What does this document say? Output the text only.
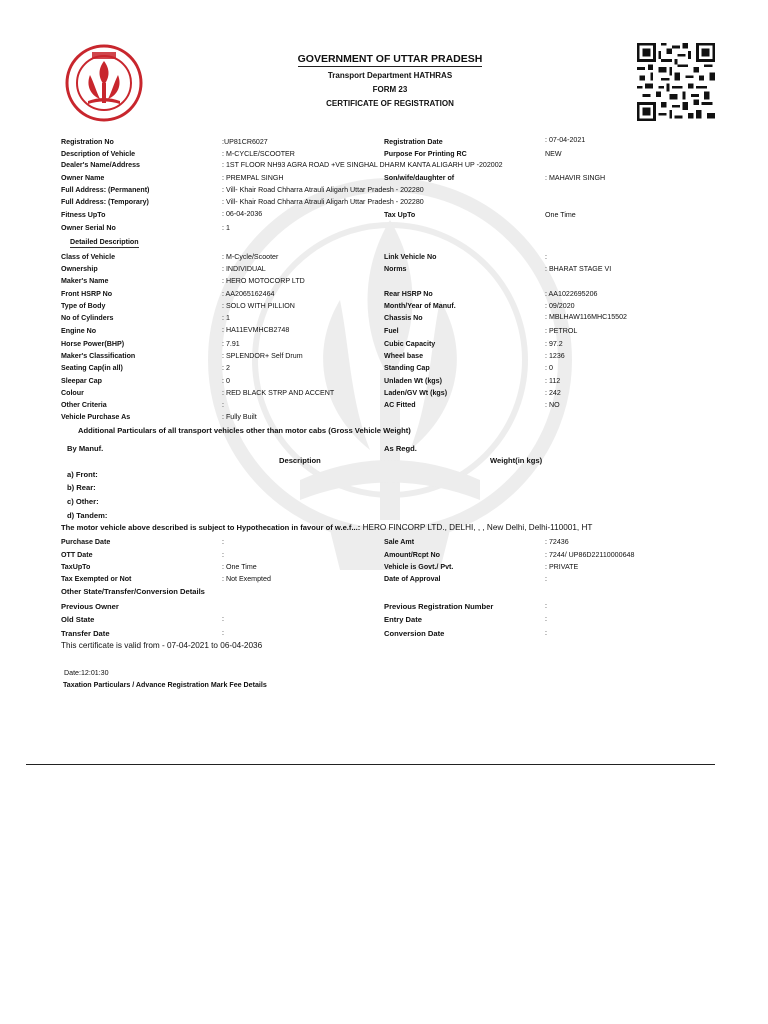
GOVERNMENT OF UTTAR PRADESH
Transport Department HATHRAS
FORM 23
CERTIFICATE OF REGISTRATION
Registration No	:UP81CR6027	Registration Date	: 07-04-2021
Description of Vehicle	: M-CYCLE/SCOOTER	Purpose For Printing RC	NEW
Dealer's Name/Address	: 1ST FLOOR NH93 AGRA ROAD +VE SINGHAL DHARM KANTA ALIGARH UP -202002
Owner Name	: PREMPAL SINGH	Son/wife/daughter of	: MAHAVIR SINGH
Full Address: (Permanent)	: Vill- Khair Road Chharra Atrauli Aligarh Uttar Pradesh - 202280
Full Address: (Temporary)	: Vill- Khair Road Chharra Atrauli Aligarh Uttar Pradesh - 202280
Fitness UpTo	: 06-04-2036	Tax UpTo	One Time
Owner Serial No	: 1
Detailed Description
Class of Vehicle	: M-Cycle/Scooter	Link Vehicle No	:
Ownership	: INDIVIDUAL	Norms	: BHARAT STAGE VI
Maker's Name	: HERO MOTOCORP LTD
Front HSRP No	: AA2065162464	Rear HSRP No	: AA1022695206
Type of Body	: SOLO WITH PILLION	Month/Year of Manuf.	: 09/2020
No of Cylinders	: 1	Chassis No	: MBLHAW116MHC15502
Engine No	: HA11EVMHCB2748	Fuel	: PETROL
Horse Power(BHP)	: 7.91	Cubic Capacity	: 97.2
Maker's Classification	: SPLENDOR+ Self Drum	Wheel base	: 1236
Seating Cap(in all)	: 2	Standing Cap	: 0
Sleepar Cap	: 0	Unladen Wt (kgs)	: 112
Colour	: RED BLACK STRP AND ACCENT	Laden/GV Wt (kgs)	: 242
Other Criteria	:	AC Fitted	: NO
Vehicle Purchase As	: Fully Built
Additional Particulars of all transport vehicles other than motor cabs (Gross Vehicle Weight)
By Manuf.	As Regd.
Description	Weight(in kgs)
a) Front:
b) Rear:
c) Other:
d) Tandem:
The motor vehicle above described is subject to Hypothecation in favour of w.e.f...: HERO FINCORP LTD., DELHI, , , New Delhi, Delhi-110001, HT
Purchase Date	:	Sale Amt	: 72436
OTT Date	:	Amount/Rcpt No	: 7244/ UP86D22110000648
TaxUpTo	: One Time	Vehicle is Govt./ Pvt.	: PRIVATE
Tax Exempted or Not	: Not Exempted	Date of Approval	:
Other State/Transfer/Conversion Details
Previous Owner	Previous Registration Number	:
Old State	:	Entry Date	:
Transfer Date	:	Conversion Date	:
This certificate is valid from - 07-04-2021 to 06-04-2036
Date:12:01:30
Taxation Particulars / Advance Registration Mark Fee Details
